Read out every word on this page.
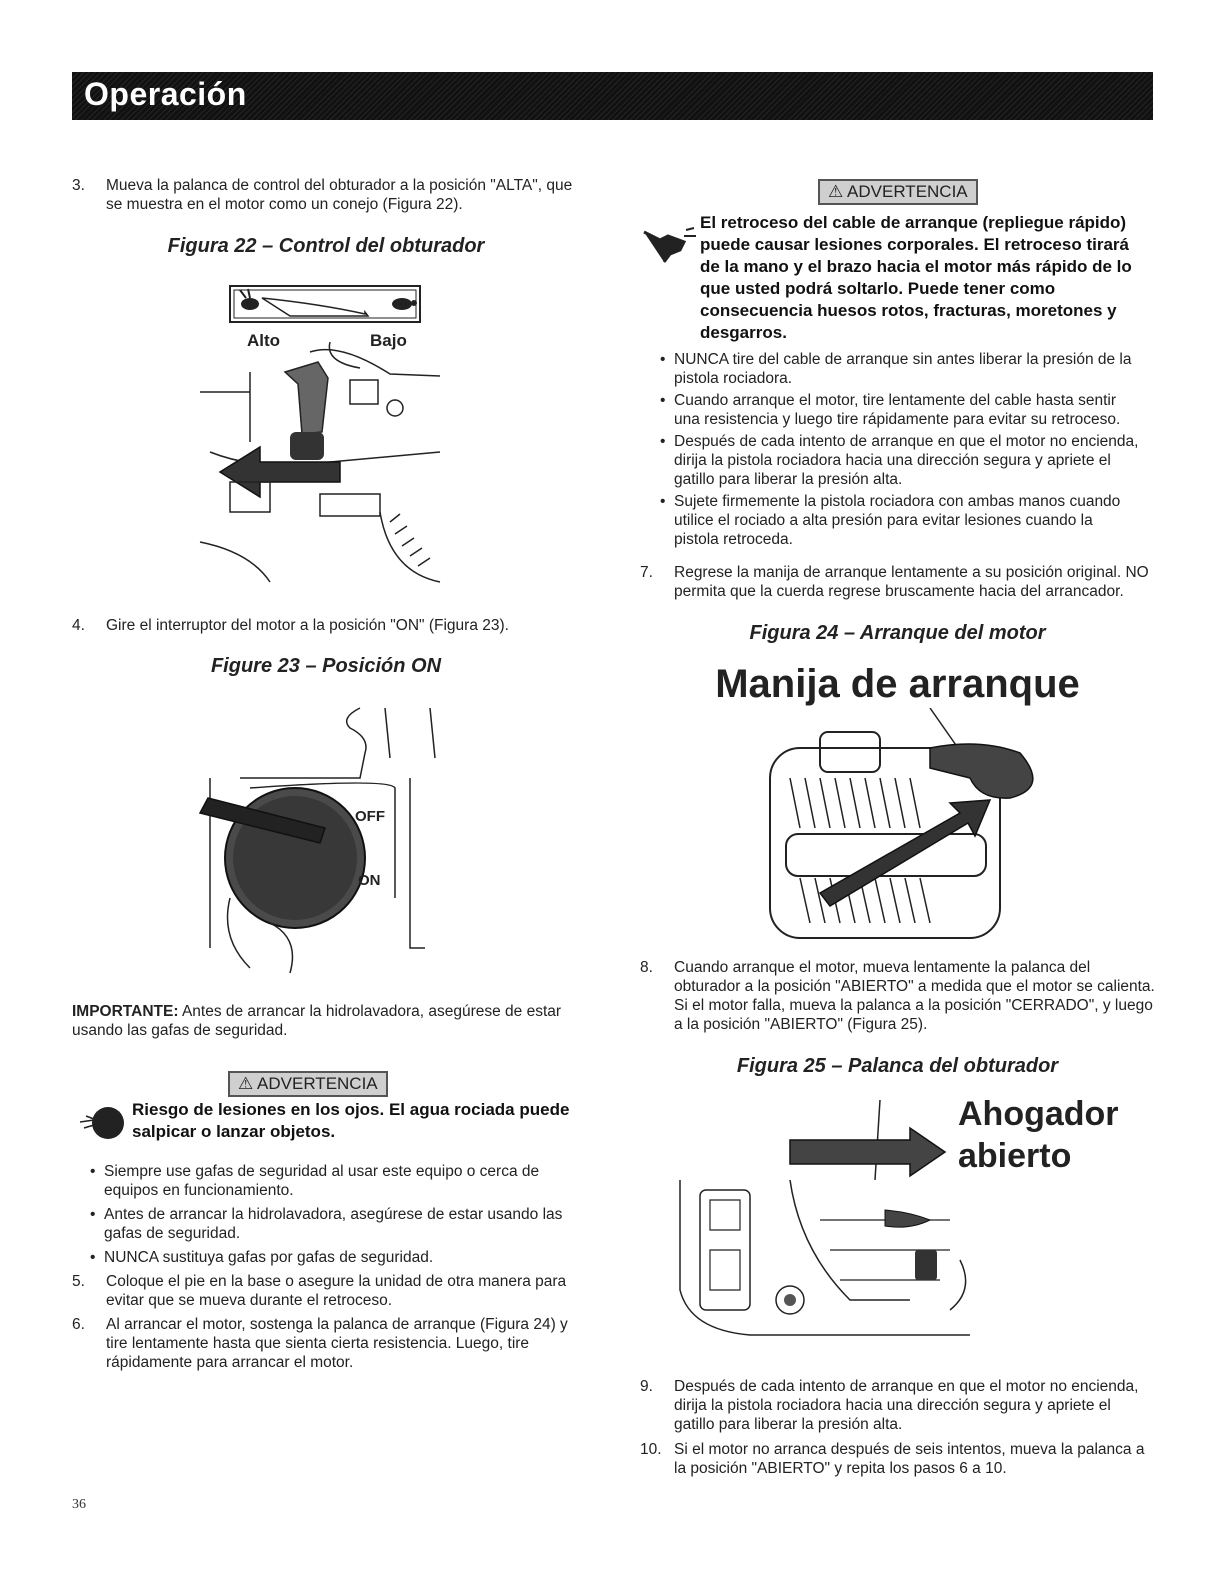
Operación
3. Mueva la palanca de control del obturador a la posición "ALTA", que se muestra en el motor como un conejo (Figura 22).
Figura 22 – Control del obturador
Alto	Bajo
4. Gire el interruptor del motor a la posición "ON" (Figura 23).
Figure 23 – Posición ON
OFF
ON
IMPORTANTE: Antes de arrancar la hidrolavadora, asegúrese de estar usando las gafas de seguridad.
⚠ ADVERTENCIA
Riesgo de lesiones en los ojos. El agua rociada puede salpicar o lanzar objetos.
• Siempre use gafas de seguridad al usar este equipo o cerca de equipos en funcionamiento.
• Antes de arrancar la hidrolavadora, asegúrese de estar usando las gafas de seguridad.
• NUNCA sustituya gafas por gafas de seguridad.
5. Coloque el pie en la base o asegure la unidad de otra manera para evitar que se mueva durante el retroceso.
6. Al arrancar el motor, sostenga la palanca de arranque (Figura 24) y tire lentamente hasta que sienta cierta resistencia. Luego, tire rápidamente para arrancar el motor.
36
⚠ ADVERTENCIA
El retroceso del cable de arranque (repliegue rápido) puede causar lesiones corporales. El retroceso tirará de la mano y el brazo hacia el motor más rápido de lo que usted podrá soltarlo. Puede tener como consecuencia huesos rotos, fracturas, moretones y desgarros.
• NUNCA tire del cable de arranque sin antes liberar la presión de la pistola rociadora.
• Cuando arranque el motor, tire lentamente del cable hasta sentir una resistencia y luego tire rápidamente para evitar su retroceso.
• Después de cada intento de arranque en que el motor no encienda, dirija la pistola rociadora hacia una dirección segura y apriete el gatillo para liberar la presión alta.
• Sujete firmemente la pistola rociadora con ambas manos cuando utilice el rociado a alta presión para evitar lesiones cuando la pistola retroceda.
7. Regrese la manija de arranque lentamente a su posición original. NO permita que la cuerda regrese bruscamente hacia del arrancador.
Figura 24 – Arranque del motor
Manija de arranque
8. Cuando arranque el motor, mueva lentamente la palanca del obturador a la posición "ABIERTO" a medida que el motor se calienta. Si el motor falla, mueva la palanca a la posición "CERRADO", y luego a la posición "ABIERTO" (Figura 25).
Figura 25 – Palanca del obturador
Ahogador
abierto
9. Después de cada intento de arranque en que el motor no encienda, dirija la pistola rociadora hacia una dirección segura y apriete el gatillo para liberar la presión alta.
10. Si el motor no arranca después de seis intentos, mueva la palanca a la posición "ABIERTO" y repita los pasos 6 a 10.
